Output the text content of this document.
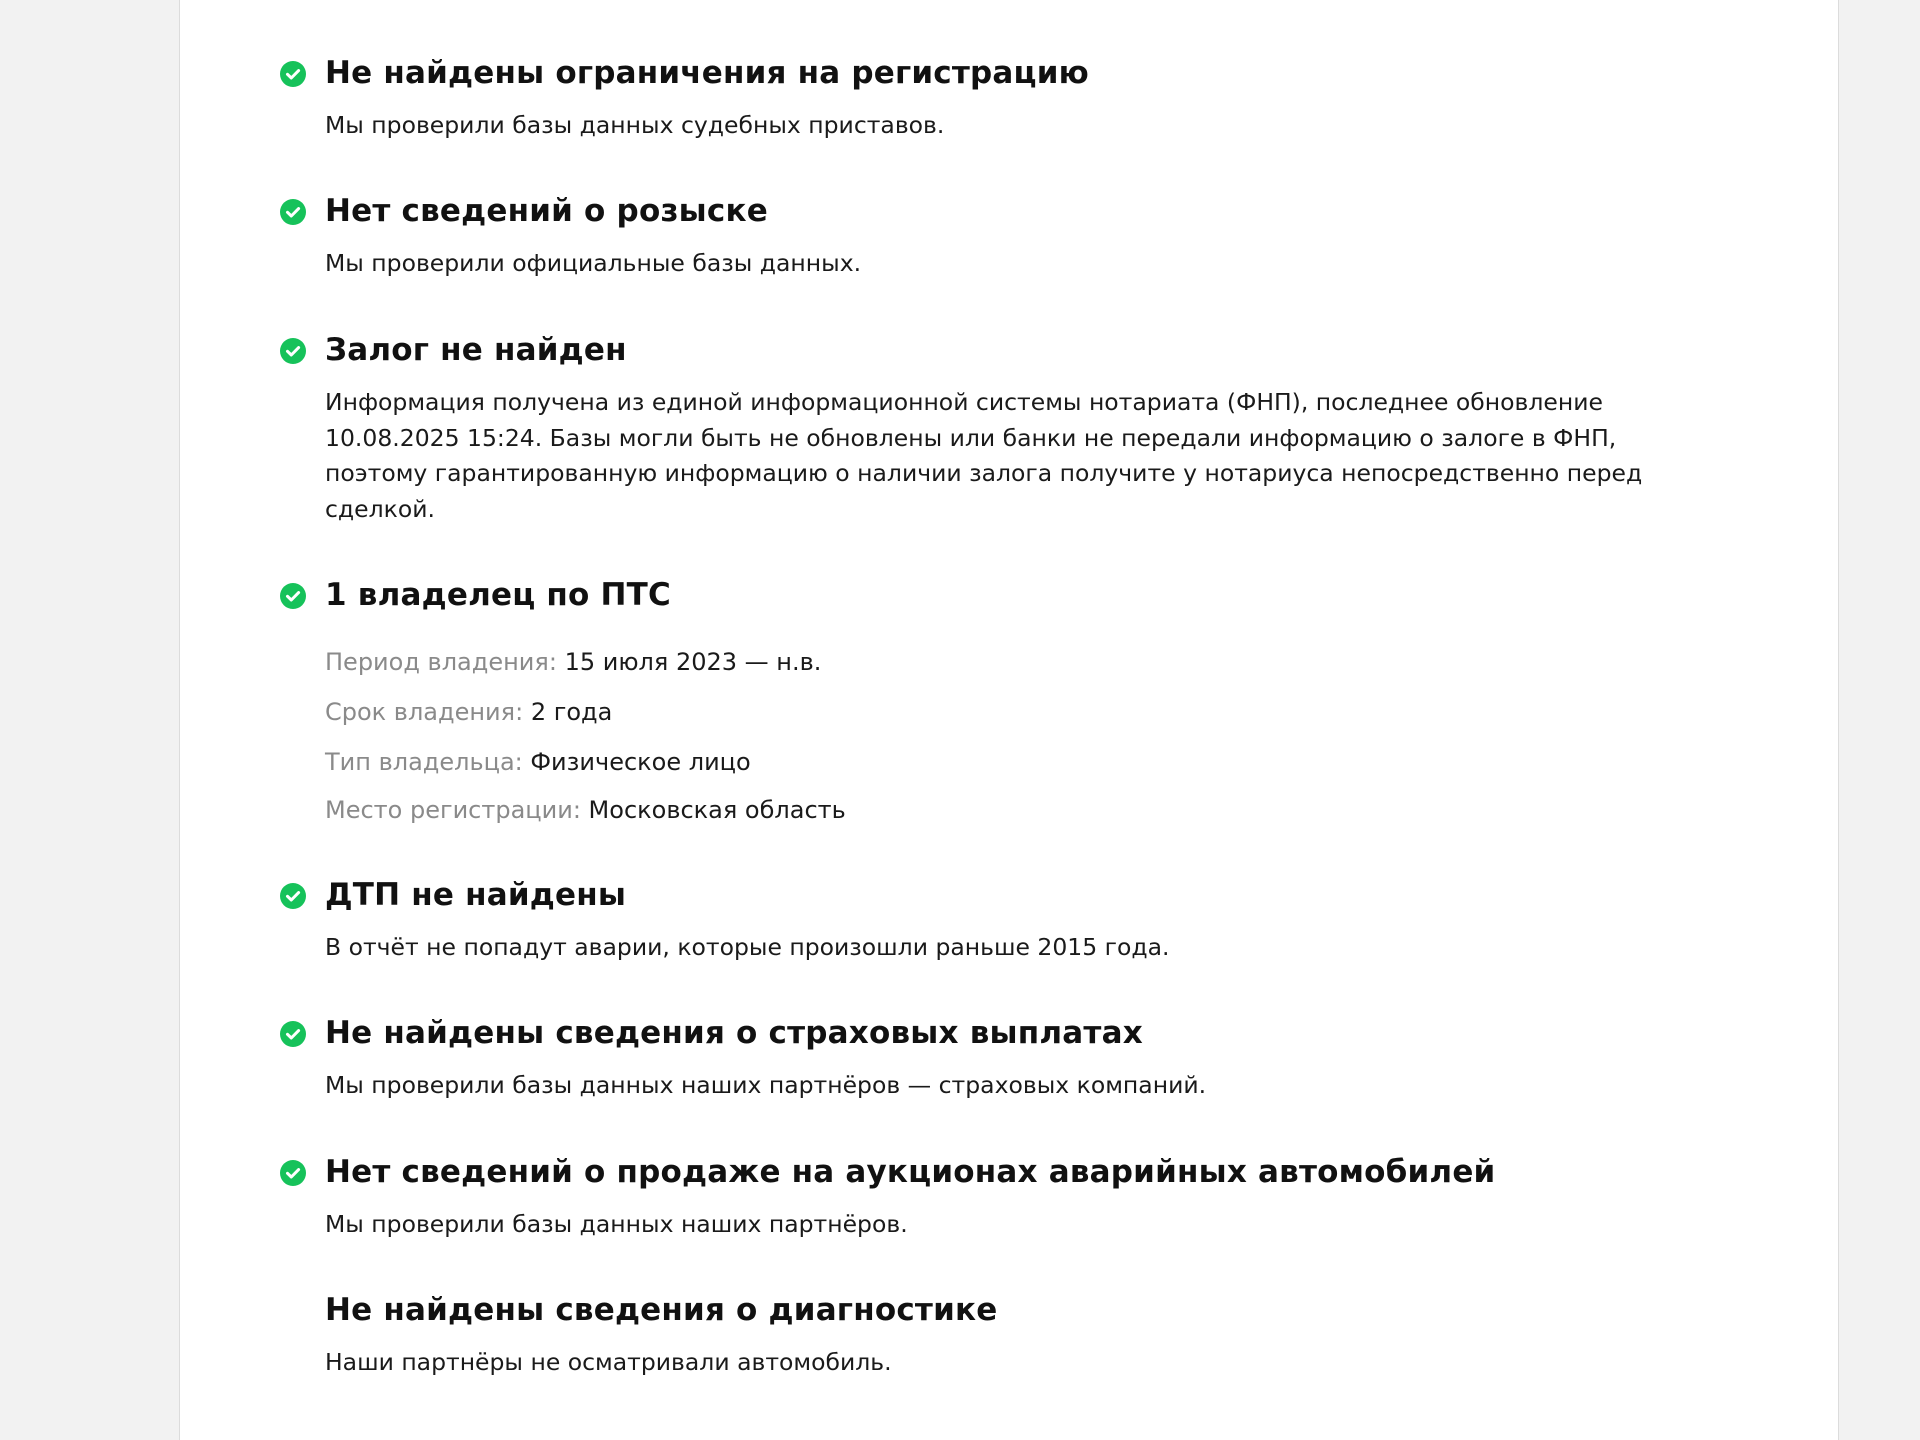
Не найдены ограничения на регистрацию

Мы проверили базы данных судебных приставов.

Нет сведений о розыске

Мы проверили официальные базы данных.

Залог не найден

Информация получена из единой информационной системы нотариата (ФНП), последнее обновление 10.08.2025 15:24. Базы могли быть не обновлены или банки не передали информацию о залоге в ФНП, поэтому гарантированную информацию о наличии залога получите у нотариуса непосредственно перед сделкой.

1 владелец по ПТС

Период владения: 15 июля 2023 — н.в.

Срок владения: 2 года

Тип владельца: Физическое лицо

Место регистрации: Московская область

ДТП не найдены

В отчёт не попадут аварии, которые произошли раньше 2015 года.

Не найдены сведения о страховых выплатах

Мы проверили базы данных наших партнёров — страховых компаний.

Нет сведений о продаже на аукционах аварийных автомобилей

Мы проверили базы данных наших партнёров.

Не найдены сведения о диагностике

Наши партнёры не осматривали автомобиль.
